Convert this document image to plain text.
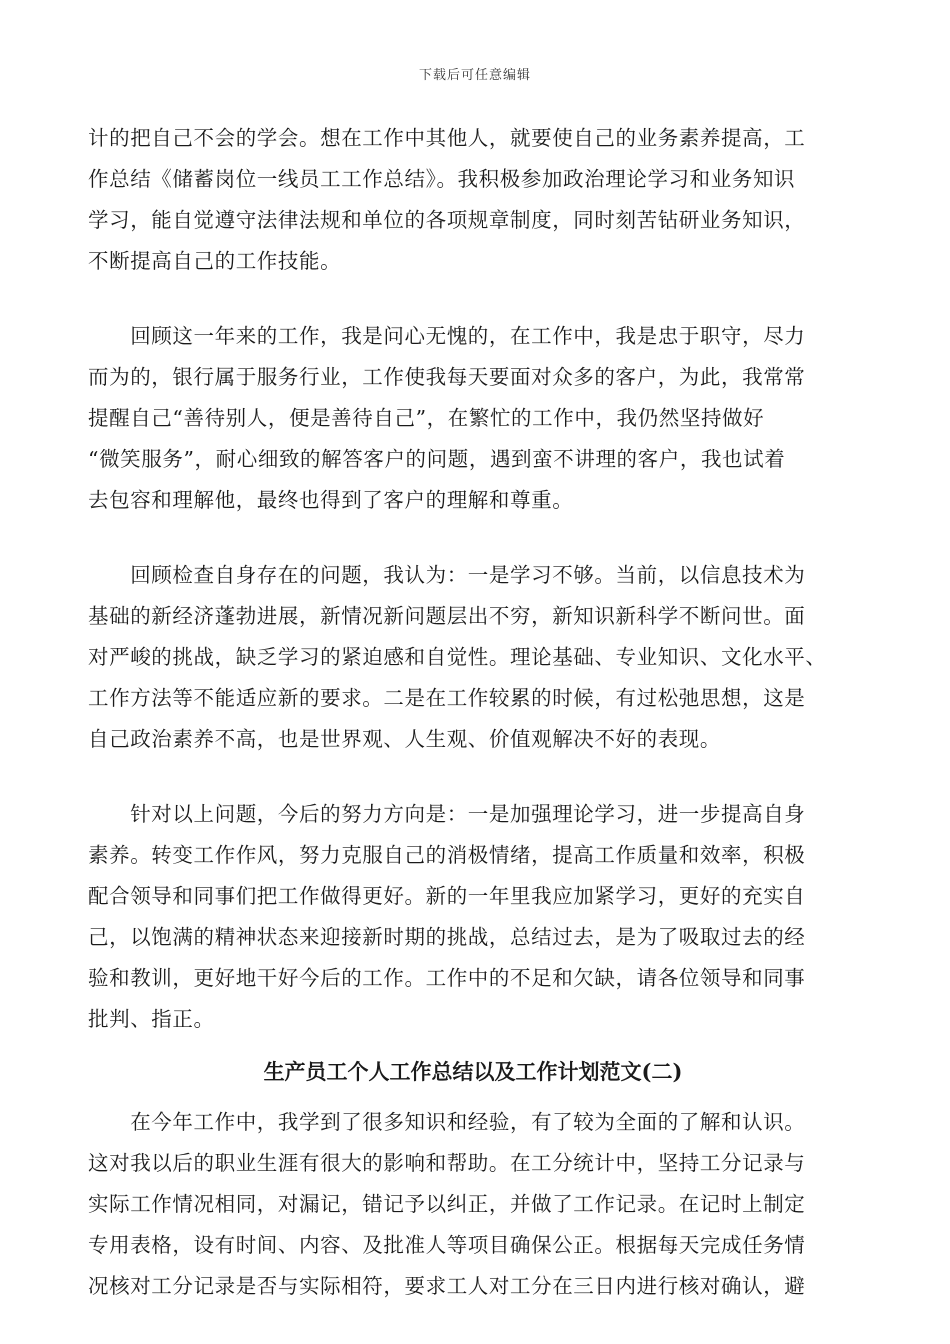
下载后可任意编辑
计的把自己不会的学会。想在工作中其他人，就要使自己的业务素养提高，工
作总结《储蓄岗位一线员工工作总结》。我积极参加政治理论学习和业务知识
学习，能自觉遵守法律法规和单位的各项规章制度，同时刻苦钻研业务知识，
不断提高自己的工作技能。
　　回顾这一年来的工作，我是问心无愧的，在工作中，我是忠于职守，尽力
而为的，银行属于服务行业，工作使我每天要面对众多的客户，为此，我常常
提醒自己“善待别人，便是善待自己”，在繁忙的工作中，我仍然坚持做好
“微笑服务”，耐心细致的解答客户的问题，遇到蛮不讲理的客户，我也试着
去包容和理解他，最终也得到了客户的理解和尊重。
　　回顾检查自身存在的问题，我认为：一是学习不够。当前，以信息技术为
基础的新经济蓬勃进展，新情况新问题层出不穷，新知识新科学不断问世。面
对严峻的挑战，缺乏学习的紧迫感和自觉性。理论基础、专业知识、文化水平、
工作方法等不能适应新的要求。二是在工作较累的时候，有过松弛思想，这是
自己政治素养不高，也是世界观、人生观、价值观解决不好的表现。
　　针对以上问题，今后的努力方向是：一是加强理论学习，进一步提高自身
素养。转变工作作风，努力克服自己的消极情绪，提高工作质量和效率，积极
配合领导和同事们把工作做得更好。新的一年里我应加紧学习，更好的充实自
己，以饱满的精神状态来迎接新时期的挑战，总结过去，是为了吸取过去的经
验和教训，更好地干好今后的工作。工作中的不足和欠缺，请各位领导和同事
批判、指正。
生产员工个人工作总结以及工作计划范文(二)
　　在今年工作中，我学到了很多知识和经验，有了较为全面的了解和认识。
这对我以后的职业生涯有很大的影响和帮助。在工分统计中，坚持工分记录与
实际工作情况相同，对漏记，错记予以纠正，并做了工作记录。在记时上制定
专用表格，设有时间、内容、及批准人等项目确保公正。根据每天完成任务情
况核对工分记录是否与实际相符，要求工人对工分在三日内进行核对确认，避
